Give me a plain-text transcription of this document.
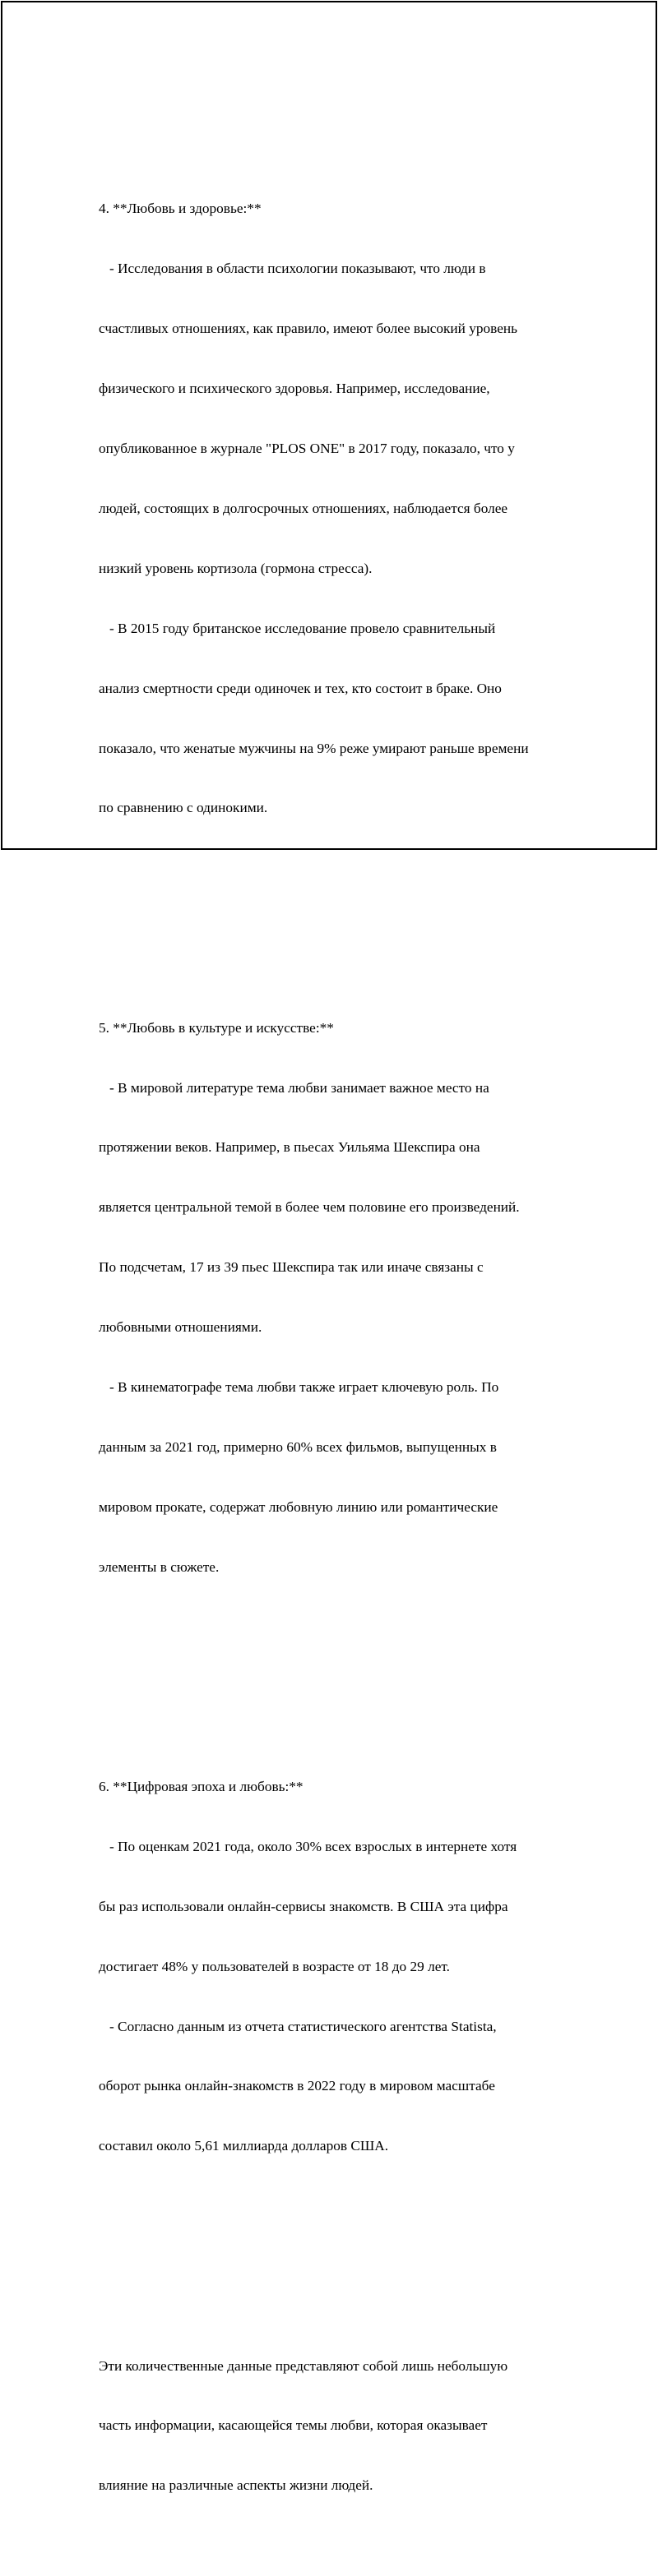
4. **Любовь и здоровье:**

- Исследования в области психологии показывают, что люди в

счастливых отношениях, как правило, имеют более высокий уровень

физического и психического здоровья. Например, исследование,

опубликованное в журнале "PLOS ONE" в 2017 году, показало, что у

людей, состоящих в долгосрочных отношениях, наблюдается более

низкий уровень кортизола (гормона стресса).

- В 2015 году британское исследование провело сравнительный

анализ смертности среди одиночек и тех, кто состоит в браке. Оно

показало, что женатые мужчины на 9% реже умирают раньше времени

по сравнению с одинокими.

5. **Любовь в культуре и искусстве:**

- В мировой литературе тема любви занимает важное место на

протяжении веков. Например, в пьесах Уильяма Шекспира она

является центральной темой в более чем половине его произведений.

По подсчетам, 17 из 39 пьес Шекспира так или иначе связаны с

любовными отношениями.

- В кинематографе тема любви также играет ключевую роль. По

данным за 2021 год, примерно 60% всех фильмов, выпущенных в

мировом прокате, содержат любовную линию или романтические

элементы в сюжете.

6. **Цифровая эпоха и любовь:**

- По оценкам 2021 года, около 30% всех взрослых в интернете хотя

бы раз использовали онлайн-сервисы знакомств. В США эта цифра

достигает 48% у пользователей в возрасте от 18 до 29 лет.

- Согласно данным из отчета статистического агентства Statista,

оборот рынка онлайн-знакомств в 2022 году в мировом масштабе

составил около 5,61 миллиарда долларов США.

Эти количественные данные представляют собой лишь небольшую

часть информации, касающейся темы любви, которая оказывает

влияние на различные аспекты жизни людей.
